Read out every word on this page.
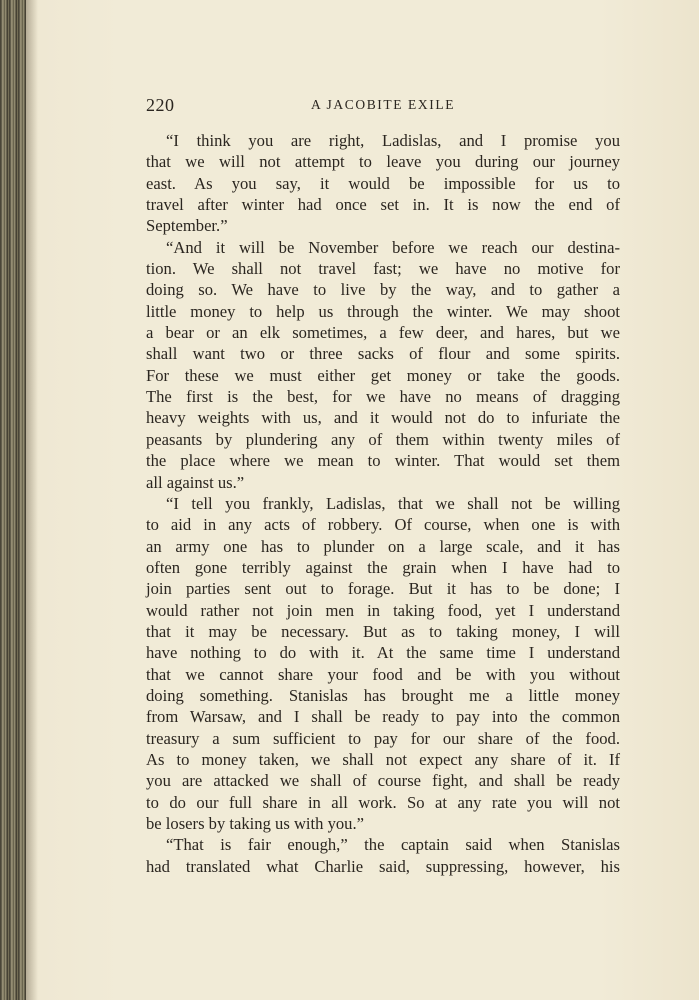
220	A JACOBITE EXILE
“I think you are right, Ladislas, and I promise you
that we will not attempt to leave you during our journey
east. As you say, it would be impossible for us to
travel after winter had once set in. It is now the end of
September.”
“And it will be November before we reach our destina-
tion. We shall not travel fast; we have no motive for
doing so. We have to live by the way, and to gather a
little money to help us through the winter. We may shoot
a bear or an elk sometimes, a few deer, and hares, but we
shall want two or three sacks of flour and some spirits.
For these we must either get money or take the goods.
The first is the best, for we have no means of dragging
heavy weights with us, and it would not do to infuriate the
peasants by plundering any of them within twenty miles of
the place where we mean to winter. That would set them
all against us.”
“I tell you frankly, Ladislas, that we shall not be willing
to aid in any acts of robbery. Of course, when one is with
an army one has to plunder on a large scale, and it has
often gone terribly against the grain when I have had to
join parties sent out to forage. But it has to be done; I
would rather not join men in taking food, yet I understand
that it may be necessary. But as to taking money, I will
have nothing to do with it. At the same time I understand
that we cannot share your food and be with you without
doing something. Stanislas has brought me a little money
from Warsaw, and I shall be ready to pay into the common
treasury a sum sufficient to pay for our share of the food.
As to money taken, we shall not expect any share of it. If
you are attacked we shall of course fight, and shall be ready
to do our full share in all work. So at any rate you will not
be losers by taking us with you.”
“That is fair enough,” the captain said when Stanislas
had translated what Charlie said, suppressing, however, his
